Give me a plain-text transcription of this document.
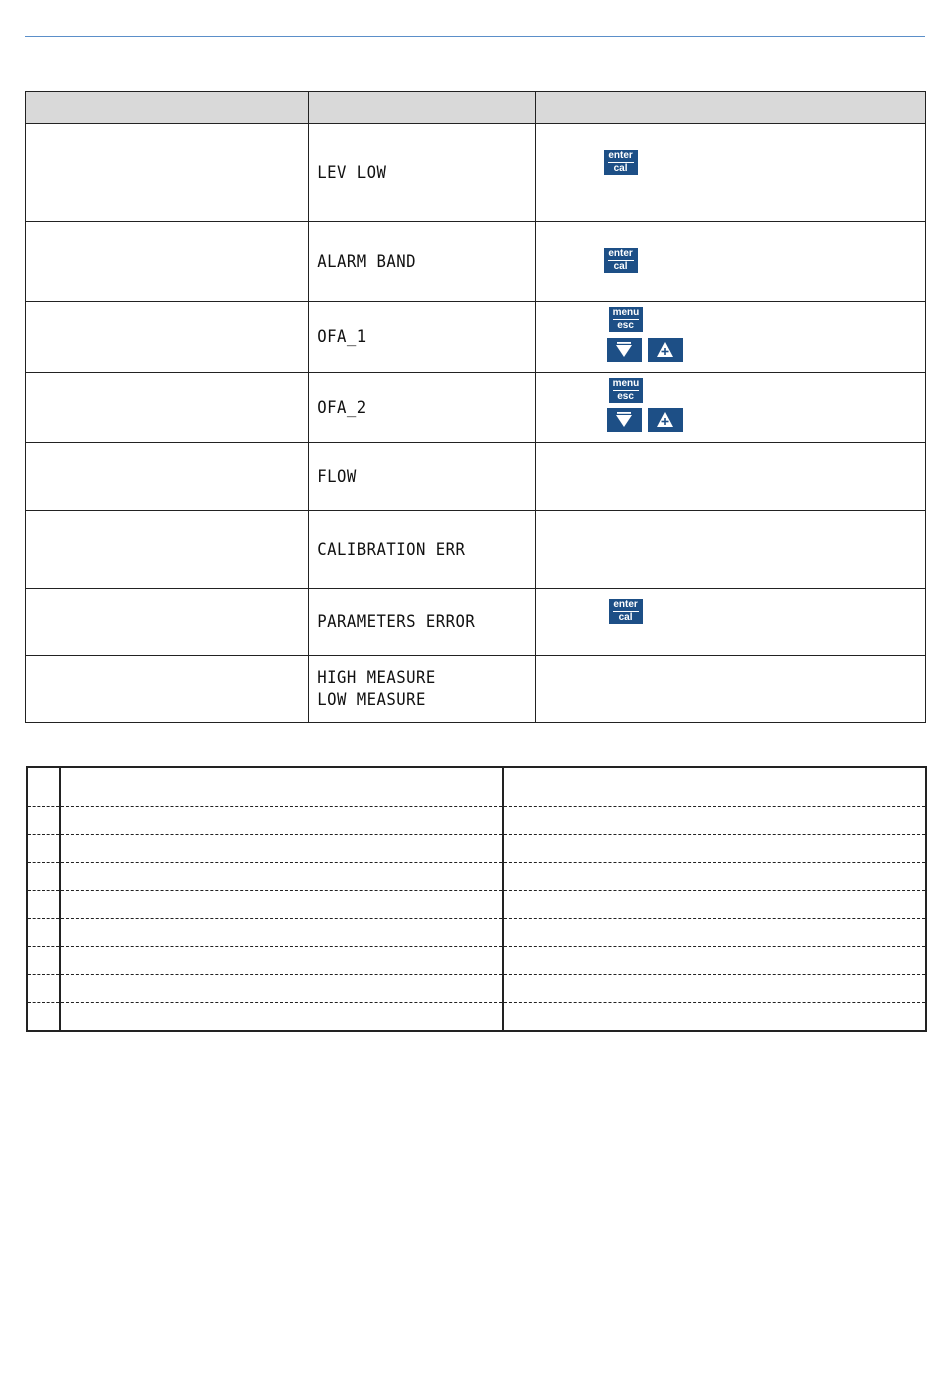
	LEV LOW	enter
cal

	ALARM BAND	enter
cal

	OFA_1	menu
esc

	OFA_2	menu
esc

	FLOW	

	CALIBRATION ERR	

	PARAMETERS ERROR	enter
cal

	HIGH MEASURE
LOW MEASURE	
